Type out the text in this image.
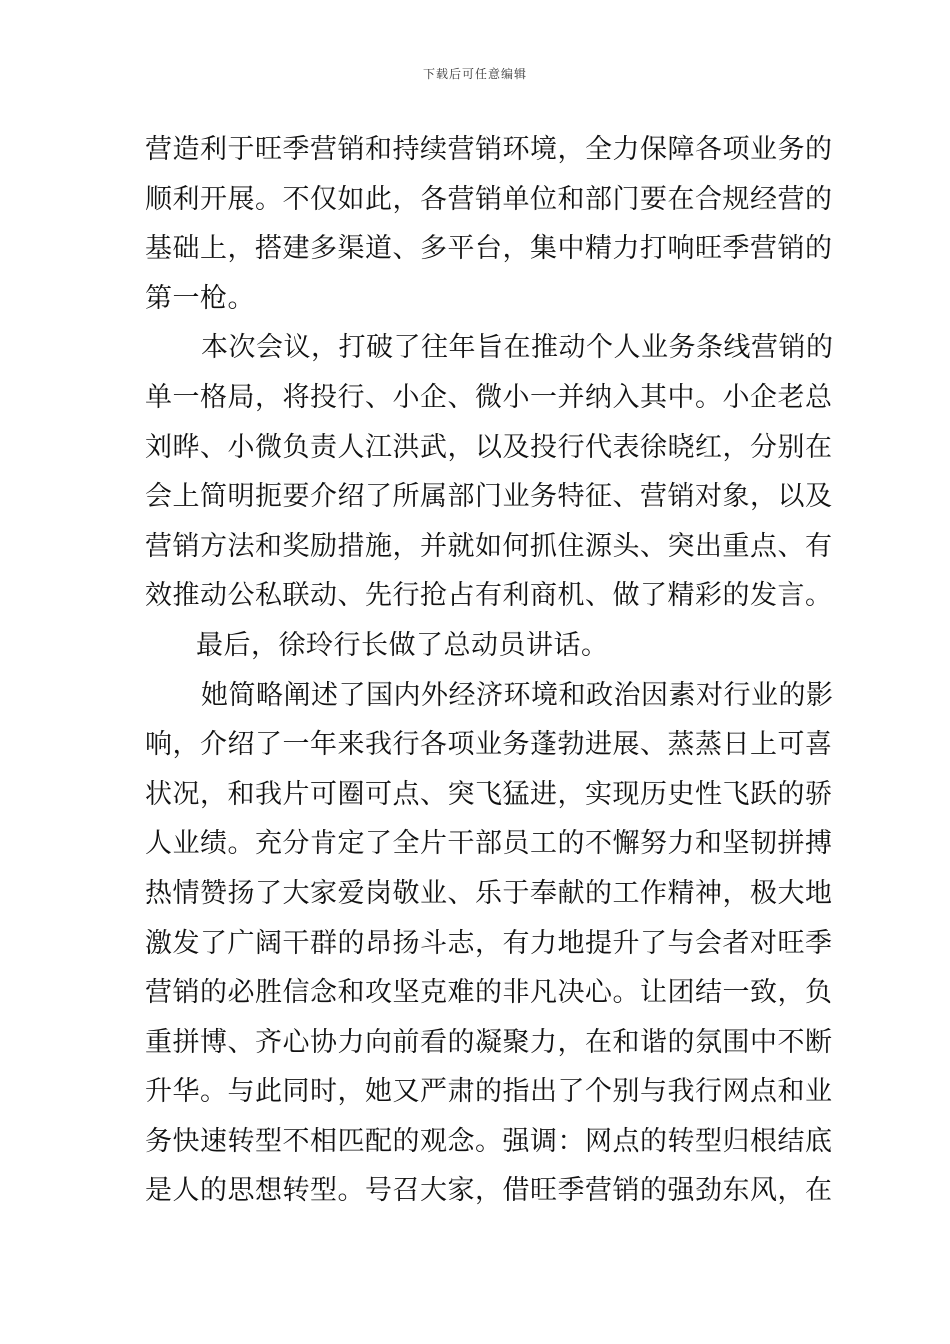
下载后可任意编辑
营造利于旺季营销和持续营销环境，全力保障各项业务的
顺利开展。不仅如此，各营销单位和部门要在合规经营的
基础上，搭建多渠道、多平台，集中精力打响旺季营销的
第一枪。
本次会议，打破了往年旨在推动个人业务条线营销的
单一格局，将投行、小企、微小一并纳入其中。小企老总
刘晔、小微负责人江洪武，以及投行代表徐晓红，分别在
会上简明扼要介绍了所属部门业务特征、营销对象，以及
营销方法和奖励措施，并就如何抓住源头、突出重点、有
效推动公私联动、先行抢占有利商机、做了精彩的发言。
最后，徐玲行长做了总动员讲话。
她简略阐述了国内外经济环境和政治因素对行业的影
响，介绍了一年来我行各项业务蓬勃进展、蒸蒸日上可喜
状况，和我片可圈可点、突飞猛进，实现历史性飞跃的骄
人业绩。充分肯定了全片干部员工的不懈努力和坚韧拼搏
热情赞扬了大家爱岗敬业、乐于奉献的工作精神，极大地
激发了广阔干群的昂扬斗志，有力地提升了与会者对旺季
营销的必胜信念和攻坚克难的非凡决心。让团结一致，负
重拼博、齐心协力向前看的凝聚力，在和谐的氛围中不断
升华。与此同时，她又严肃的指出了个别与我行网点和业
务快速转型不相匹配的观念。强调：网点的转型归根结底
是人的思想转型。号召大家，借旺季营销的强劲东风，在
